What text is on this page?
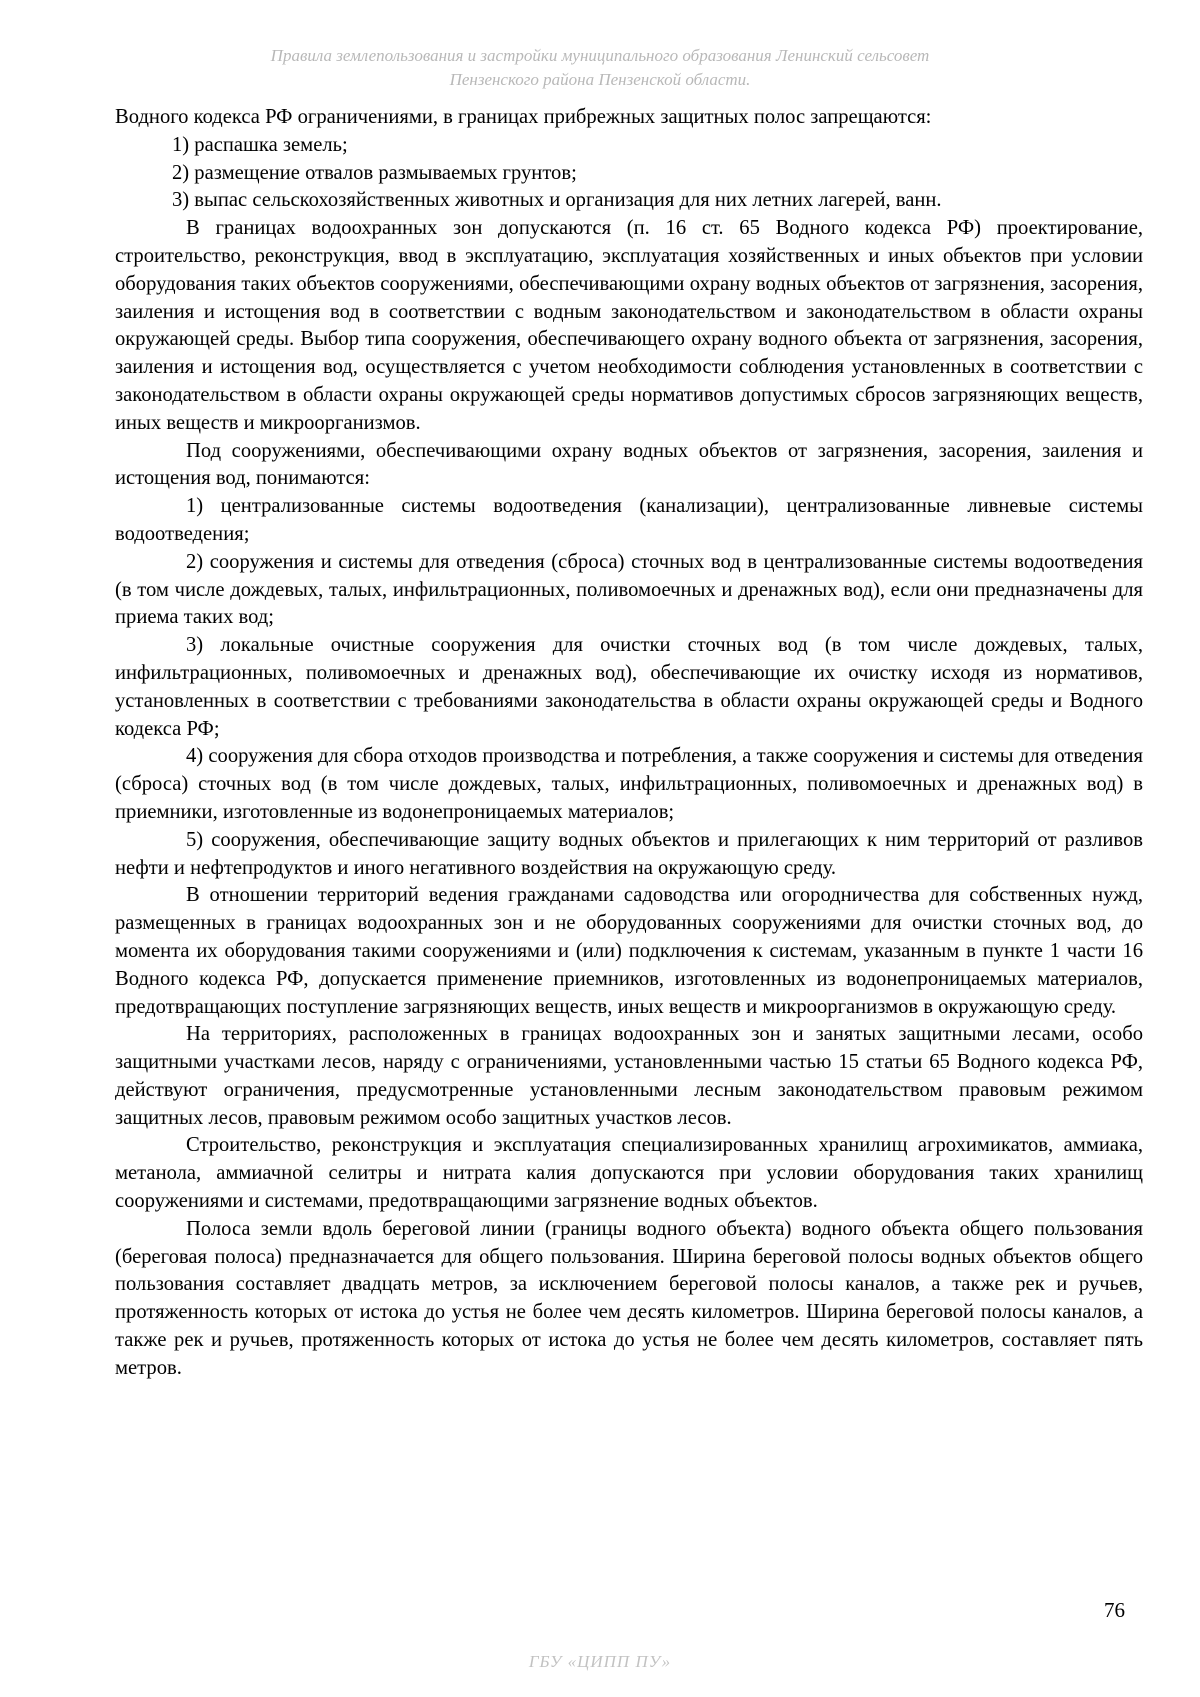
Правила землепользования и застройки муниципального образования Ленинский сельсовет
Пензенского района Пензенской области.

Водного кодекса РФ ограничениями, в границах прибрежных защитных полос запрещаются:

1) распашка земель;

2) размещение отвалов размываемых грунтов;

3) выпас сельскохозяйственных животных и организация для них летних лагерей, ванн.

В границах водоохранных зон допускаются (п. 16 ст. 65 Водного кодекса РФ) проектирование, строительство, реконструкция, ввод в эксплуатацию, эксплуатация хозяйственных и иных объектов при условии оборудования таких объектов сооружениями, обеспечивающими охрану водных объектов от загрязнения, засорения, заиления и истощения вод в соответствии с водным законодательством и законодательством в области охраны окружающей среды. Выбор типа сооружения, обеспечивающего охрану водного объекта от загрязнения, засорения, заиления и истощения вод, осуществляется с учетом необходимости соблюдения установленных в соответствии с законодательством в области охраны окружающей среды нормативов допустимых сбросов загрязняющих веществ, иных веществ и микроорганизмов.

Под сооружениями, обеспечивающими охрану водных объектов от загрязнения, засорения, заиления и истощения вод, понимаются:

1) централизованные системы водоотведения (канализации), централизованные ливневые системы водоотведения;

2) сооружения и системы для отведения (сброса) сточных вод в централизованные системы водоотведения (в том числе дождевых, талых, инфильтрационных, поливомоечных и дренажных вод), если они предназначены для приема таких вод;

3) локальные очистные сооружения для очистки сточных вод (в том числе дождевых, талых, инфильтрационных, поливомоечных и дренажных вод), обеспечивающие их очистку исходя из нормативов, установленных в соответствии с требованиями законодательства в области охраны окружающей среды и Водного кодекса РФ;

4) сооружения для сбора отходов производства и потребления, а также сооружения и системы для отведения (сброса) сточных вод (в том числе дождевых, талых, инфильтрационных, поливомоечных и дренажных вод) в приемники, изготовленные из водонепроницаемых материалов;

5) сооружения, обеспечивающие защиту водных объектов и прилегающих к ним территорий от разливов нефти и нефтепродуктов и иного негативного воздействия на окружающую среду.

В отношении территорий ведения гражданами садоводства или огородничества для собственных нужд, размещенных в границах водоохранных зон и не оборудованных сооружениями для очистки сточных вод, до момента их оборудования такими сооружениями и (или) подключения к системам, указанным в пункте 1 части 16 Водного кодекса РФ, допускается применение приемников, изготовленных из водонепроницаемых материалов, предотвращающих поступление загрязняющих веществ, иных веществ и микроорганизмов в окружающую среду.

На территориях, расположенных в границах водоохранных зон и занятых защитными лесами, особо защитными участками лесов, наряду с ограничениями, установленными частью 15 статьи 65 Водного кодекса РФ, действуют ограничения, предусмотренные установленными лесным законодательством правовым режимом защитных лесов, правовым режимом особо защитных участков лесов.

Строительство, реконструкция и эксплуатация специализированных хранилищ агрохимикатов, аммиака, метанола, аммиачной селитры и нитрата калия допускаются при условии оборудования таких хранилищ сооружениями и системами, предотвращающими загрязнение водных объектов.

Полоса земли вдоль береговой линии (границы водного объекта) водного объекта общего пользования (береговая полоса) предназначается для общего пользования. Ширина береговой полосы водных объектов общего пользования составляет двадцать метров, за исключением береговой полосы каналов, а также рек и ручьев, протяженность которых от истока до устья не более чем десять километров. Ширина береговой полосы каналов, а также рек и ручьев, протяженность которых от истока до устья не более чем десять километров, составляет пять метров.

76
ГБУ «ЦИПП ПУ»
